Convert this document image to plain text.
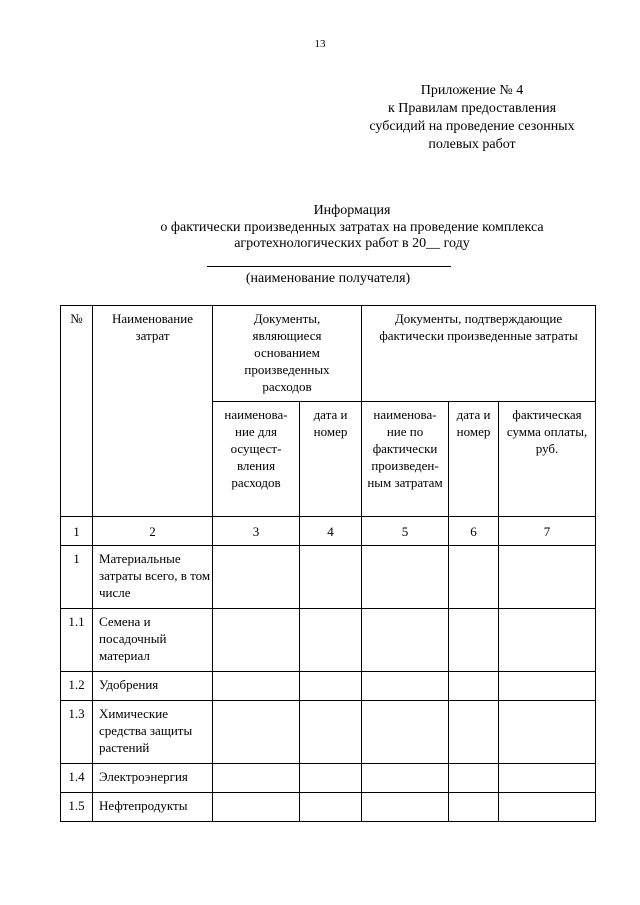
13
Приложение № 4
к Правилам предоставления
субсидий на проведение сезонных
полевых работ
Информация
о фактически произведенных затратах на проведение комплекса
агротехнологических работ в 20__ году
(наименование получателя)
№	Наименование затрат	Документы, являющиеся основанием произведенных расходов		Документы, подтверждающие фактически произведенные затраты		
		наименова-ние для осущест-вления расходов	дата и номер	наименова-ние по фактически произведен-ным затратам	дата и номер	фактическая сумма оплаты, руб.
1	2	3	4	5	6	7
1	Материальные затраты всего, в том числе					
1.1	Семена и посадочный материал					
1.2	Удобрения					
1.3	Химические средства защиты растений					
1.4	Электроэнергия					
1.5	Нефтепродукты					
